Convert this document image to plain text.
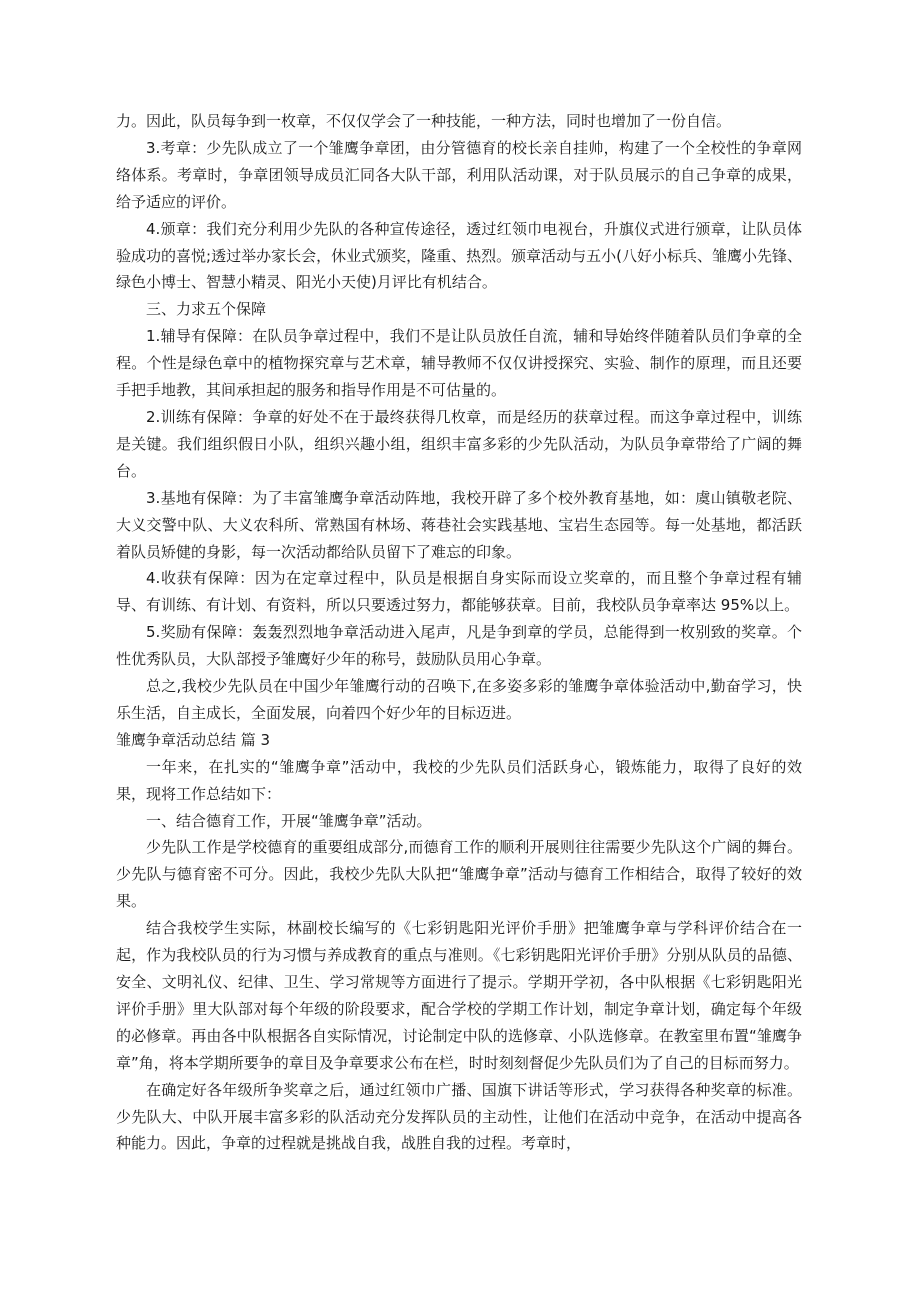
力。因此，队员每争到一枚章，不仅仅学会了一种技能，一种方法，同时也增加了一份自信。

3.考章：少先队成立了一个雏鹰争章团，由分管德育的校长亲自挂帅，构建了一个全校性的争章网络体系。考章时，争章团领导成员汇同各大队干部，利用队活动课，对于队员展示的自己争章的成果，给予适应的评价。

4.颁章：我们充分利用少先队的各种宣传途径，透过红领巾电视台，升旗仪式进行颁章，让队员体验成功的喜悦;透过举办家长会，休业式颁奖，隆重、热烈。颁章活动与五小(八好小标兵、雏鹰小先锋、绿色小博士、智慧小精灵、阳光小天使)月评比有机结合。

三、力求五个保障

1.辅导有保障：在队员争章过程中，我们不是让队员放任自流，辅和导始终伴随着队员们争章的全程。个性是绿色章中的植物探究章与艺术章，辅导教师不仅仅讲授探究、实验、制作的原理，而且还要手把手地教，其间承担起的服务和指导作用是不可估量的。

2.训练有保障：争章的好处不在于最终获得几枚章，而是经历的获章过程。而这争章过程中，训练是关键。我们组织假日小队，组织兴趣小组，组织丰富多彩的少先队活动，为队员争章带给了广阔的舞台。

3.基地有保障：为了丰富雏鹰争章活动阵地，我校开辟了多个校外教育基地，如：虞山镇敬老院、大义交警中队、大义农科所、常熟国有林场、蒋巷社会实践基地、宝岩生态园等。每一处基地，都活跃着队员矫健的身影，每一次活动都给队员留下了难忘的印象。

4.收获有保障：因为在定章过程中，队员是根据自身实际而设立奖章的，而且整个争章过程有辅导、有训练、有计划、有资料，所以只要透过努力，都能够获章。目前，我校队员争章率达 95%以上。

5.奖励有保障：轰轰烈烈地争章活动进入尾声，凡是争到章的学员，总能得到一枚别致的奖章。个性优秀队员，大队部授予雏鹰好少年的称号，鼓励队员用心争章。

总之,我校少先队员在中国少年雏鹰行动的召唤下,在多姿多彩的雏鹰争章体验活动中,勤奋学习，快乐生活，自主成长，全面发展，向着四个好少年的目标迈进。

雏鹰争章活动总结 篇 3

一年来，在扎实的“雏鹰争章”活动中，我校的少先队员们活跃身心，锻炼能力，取得了良好的效果，现将工作总结如下：

一、结合德育工作，开展“雏鹰争章”活动。

少先队工作是学校德育的重要组成部分,而德育工作的顺利开展则往往需要少先队这个广阔的舞台。少先队与德育密不可分。因此，我校少先队大队把“雏鹰争章”活动与德育工作相结合，取得了较好的效果。

结合我校学生实际，林副校长编写的《七彩钥匙阳光评价手册》把雏鹰争章与学科评价结合在一起，作为我校队员的行为习惯与养成教育的重点与准则。《七彩钥匙阳光评价手册》分别从队员的品德、安全、文明礼仪、纪律、卫生、学习常规等方面进行了提示。学期开学初，各中队根据《七彩钥匙阳光评价手册》里大队部对每个年级的阶段要求，配合学校的学期工作计划，制定争章计划，确定每个年级的必修章。再由各中队根据各自实际情况，讨论制定中队的选修章、小队选修章。在教室里布置“雏鹰争章”角，将本学期所要争的章目及争章要求公布在栏，时时刻刻督促少先队员们为了自己的目标而努力。

在确定好各年级所争奖章之后，通过红领巾广播、国旗下讲话等形式，学习获得各种奖章的标准。少先队大、中队开展丰富多彩的队活动充分发挥队员的主动性，让他们在活动中竞争，在活动中提高各种能力。因此，争章的过程就是挑战自我，战胜自我的过程。考章时，
